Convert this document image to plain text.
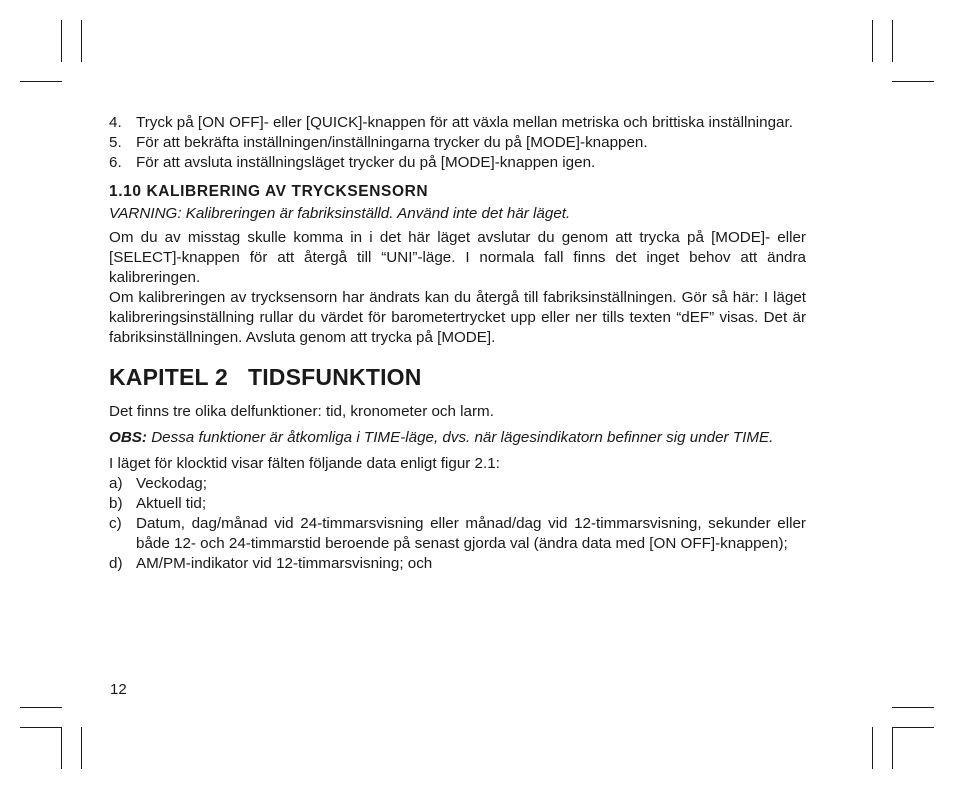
4. Tryck på [ON OFF]- eller [QUICK]-knappen för att växla mellan metriska och brittiska inställningar.
5. För att bekräfta inställningen/inställningarna trycker du på [MODE]-knappen.
6. För att avsluta inställningsläget trycker du på [MODE]-knappen igen.
1.10 KALIBRERING AV TRYCKSENSORN
VARNING: Kalibreringen är fabriksinställd. Använd inte det här läget.
Om du av misstag skulle komma in i det här läget avslutar du genom att trycka på [MODE]- eller [SELECT]-knappen för att återgå till “UNI”-läge. I normala fall finns det inget behov att ändra kalibreringen.
Om kalibreringen av trycksensorn har ändrats kan du återgå till fabriksinställningen. Gör så här: I läget kalibreringsinställning rullar du värdet för barometertrycket upp eller ner tills texten “dEF” visas. Det är fabriksinställningen. Avsluta genom att trycka på [MODE].
KAPITEL 2 TIDSFUNKTION
Det finns tre olika delfunktioner: tid, kronometer och larm.
OBS: Dessa funktioner är åtkomliga i TIME-läge, dvs. när lägesindikatorn befinner sig under TIME.
I läget för klocktid visar fälten följande data enligt figur 2.1:
a) Veckodag;
b) Aktuell tid;
c) Datum, dag/månad vid 24-timmarsvisning eller månad/dag vid 12-timmarsvisning, sekunder eller både 12- och 24-timmarstid beroende på senast gjorda val (ändra data med [ON OFF]-knappen);
d) AM/PM-indikator vid 12-timmarsvisning; och
12
